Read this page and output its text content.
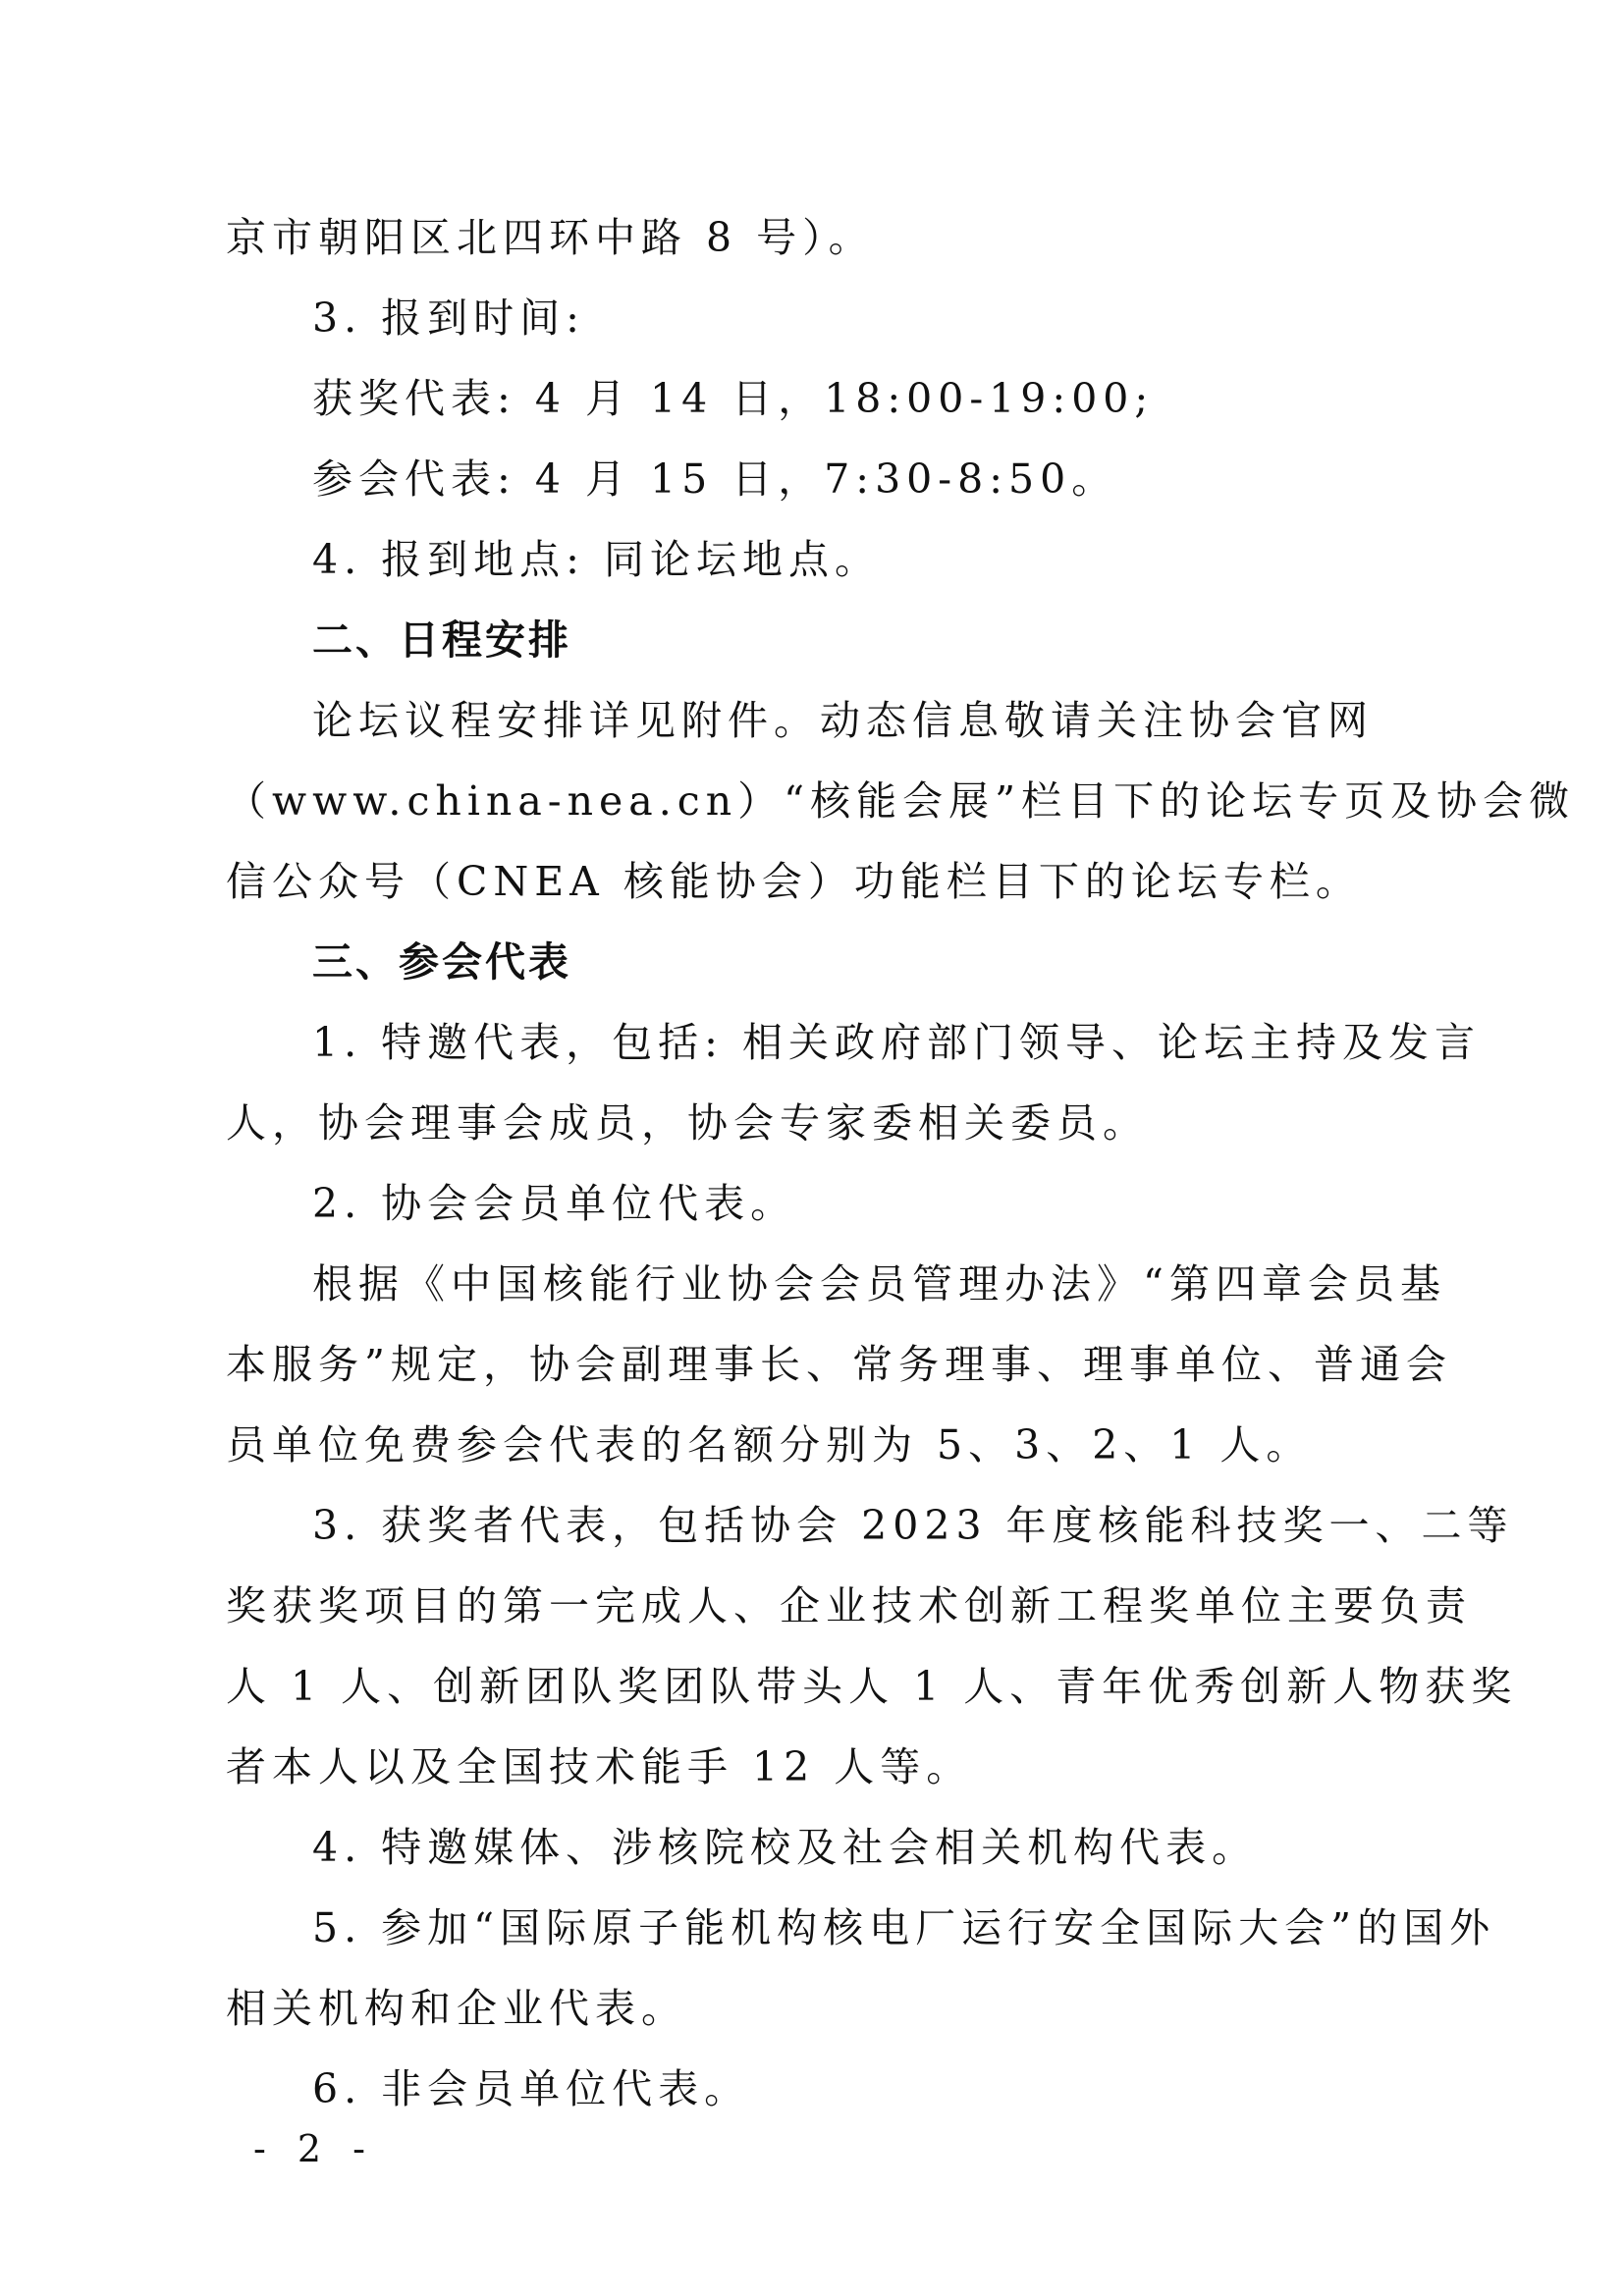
京市朝阳区北四环中路 8 号）。
3. 报到时间:
获奖代表: 4 月 14 日，18:00-19:00;
参会代表: 4 月 15 日，7:30-8:50。
4. 报到地点: 同论坛地点。
二、日程安排
论坛议程安排详见附件。动态信息敬请关注协会官网
（www.china-nea.cn）“核能会展”栏目下的论坛专页及协会微
信公众号（CNEA 核能协会）功能栏目下的论坛专栏。
三、参会代表
1. 特邀代表，包括: 相关政府部门领导、论坛主持及发言
人，协会理事会成员，协会专家委相关委员。
2. 协会会员单位代表。
根据《中国核能行业协会会员管理办法》“第四章会员基
本服务”规定，协会副理事长、常务理事、理事单位、普通会
员单位免费参会代表的名额分别为 5、3、2、1 人。
3. 获奖者代表，包括协会 2023 年度核能科技奖一、二等
奖获奖项目的第一完成人、企业技术创新工程奖单位主要负责
人 1 人、创新团队奖团队带头人 1 人、青年优秀创新人物获奖
者本人以及全国技术能手 12 人等。
4. 特邀媒体、涉核院校及社会相关机构代表。
5. 参加“国际原子能机构核电厂运行安全国际大会”的国外
相关机构和企业代表。
6. 非会员单位代表。
- 2 -
